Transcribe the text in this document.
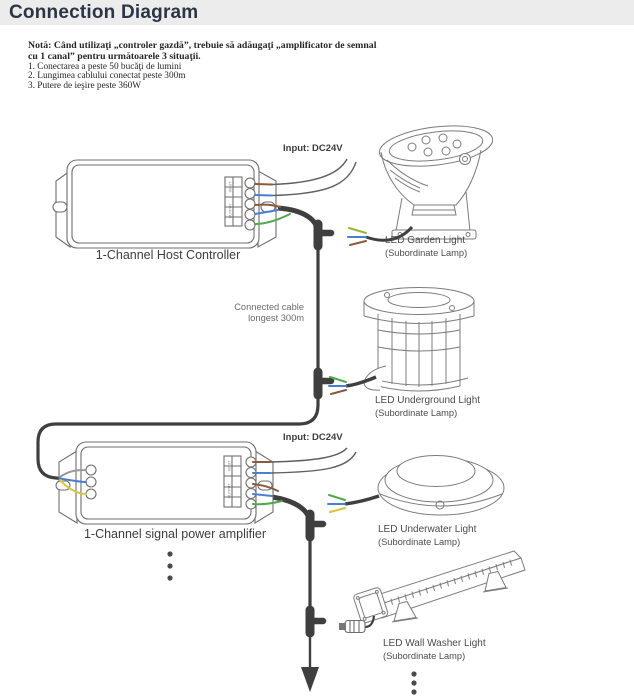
Connection Diagram
Notă: Când utilizaţi „controler gazdă”, trebuie să adăugaţi „amplificator de semnal cu 1 canal” pentru următoarele 3 situaţii.
1. Conectarea a peste 50 bucăţi de lumini
2. Lungimea cablului conectat peste 300m
3. Putere de ieşire peste 360W
INPUT
OUTPUT
INPUT
OUTPUT
Input: DC24V
1-Channel Host Controller
Connected cable
longest 300m
Input: DC24V
1-Channel signal power amplifier
LED Garden Light
(Subordinate Lamp)
LED Underground Light
(Subordinate Lamp)
LED Underwater Light
(Subordinate Lamp)
LED Wall Washer Light
(Subordinate Lamp)
